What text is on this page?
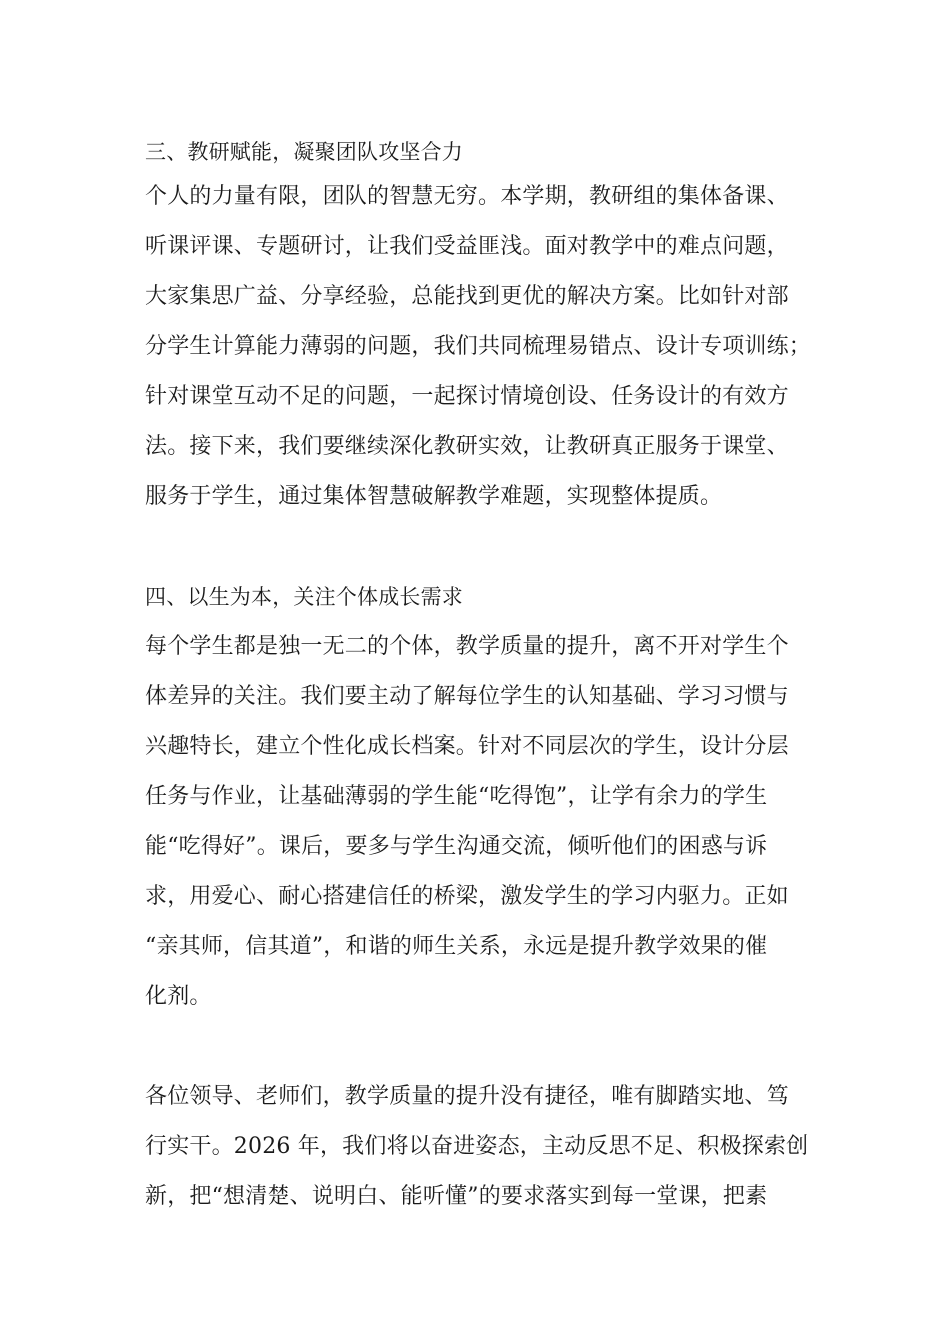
三、教研赋能，凝聚团队攻坚合力
个人的力量有限，团队的智慧无穷。本学期，教研组的集体备课、
听课评课、专题研讨，让我们受益匪浅。面对教学中的难点问题，
大家集思广益、分享经验，总能找到更优的解决方案。比如针对部
分学生计算能力薄弱的问题，我们共同梳理易错点、设计专项训练；
针对课堂互动不足的问题，一起探讨情境创设、任务设计的有效方
法。接下来，我们要继续深化教研实效，让教研真正服务于课堂、
服务于学生，通过集体智慧破解教学难题，实现整体提质。
四、以生为本，关注个体成长需求
每个学生都是独一无二的个体，教学质量的提升，离不开对学生个
体差异的关注。我们要主动了解每位学生的认知基础、学习习惯与
兴趣特长，建立个性化成长档案。针对不同层次的学生，设计分层
任务与作业，让基础薄弱的学生能“吃得饱”，让学有余力的学生
能“吃得好”。课后，要多与学生沟通交流，倾听他们的困惑与诉
求，用爱心、耐心搭建信任的桥梁，激发学生的学习内驱力。正如
“亲其师，信其道”，和谐的师生关系，永远是提升教学效果的催
化剂。
各位领导、老师们，教学质量的提升没有捷径，唯有脚踏实地、笃
行实干。2026 年，我们将以奋进姿态，主动反思不足、积极探索创
新，把“想清楚、说明白、能听懂”的要求落实到每一堂课，把素
